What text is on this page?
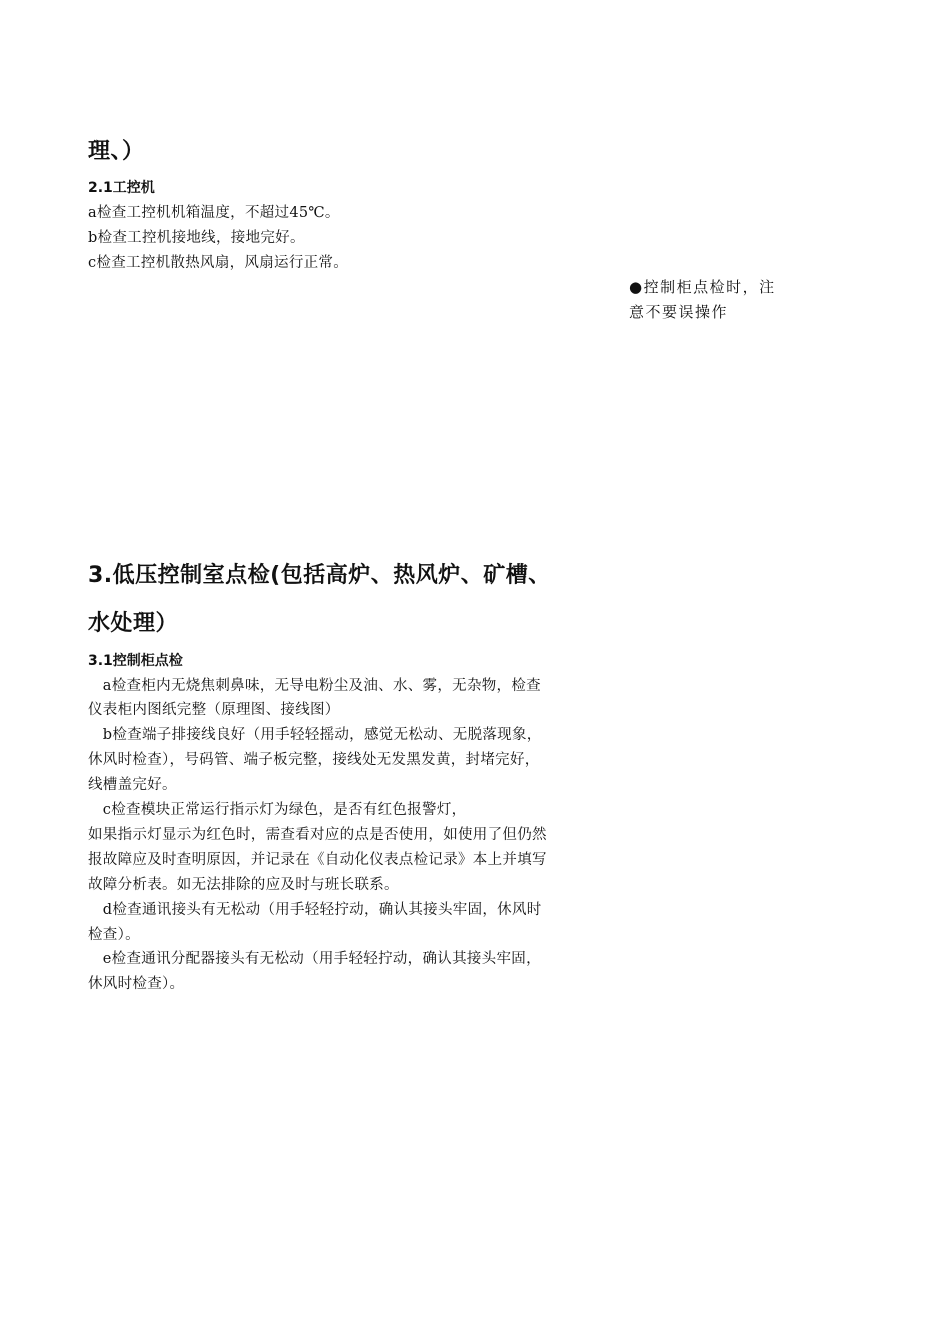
理、）
2.1工控机
a检查工控机机箱温度，不超过45℃。
b检查工控机接地线，接地完好。
c检查工控机散热风扇，风扇运行正常。
●控制柜点检时，注
意不要误操作
3.低压控制室点检(包括高炉、热风炉、矿槽、
水处理）
3.1控制柜点检
　a检查柜内无烧焦刺鼻味，无导电粉尘及油、水、雾，无杂物，检查
仪表柜内图纸完整（原理图、接线图）
　b检查端子排接线良好（用手轻轻摇动，感觉无松动、无脱落现象，
休风时检查），号码管、端子板完整，接线处无发黑发黄，封堵完好，
线槽盖完好。
　c检查模块正常运行指示灯为绿色，是否有红色报警灯，
如果指示灯显示为红色时，需查看对应的点是否使用，如使用了但仍然
报故障应及时查明原因，并记录在《自动化仪表点检记录》本上并填写
故障分析表。如无法排除的应及时与班长联系。
　d检查通讯接头有无松动（用手轻轻拧动，确认其接头牢固，休风时
检查）。
　e检查通讯分配器接头有无松动（用手轻轻拧动，确认其接头牢固，
休风时检查）。
